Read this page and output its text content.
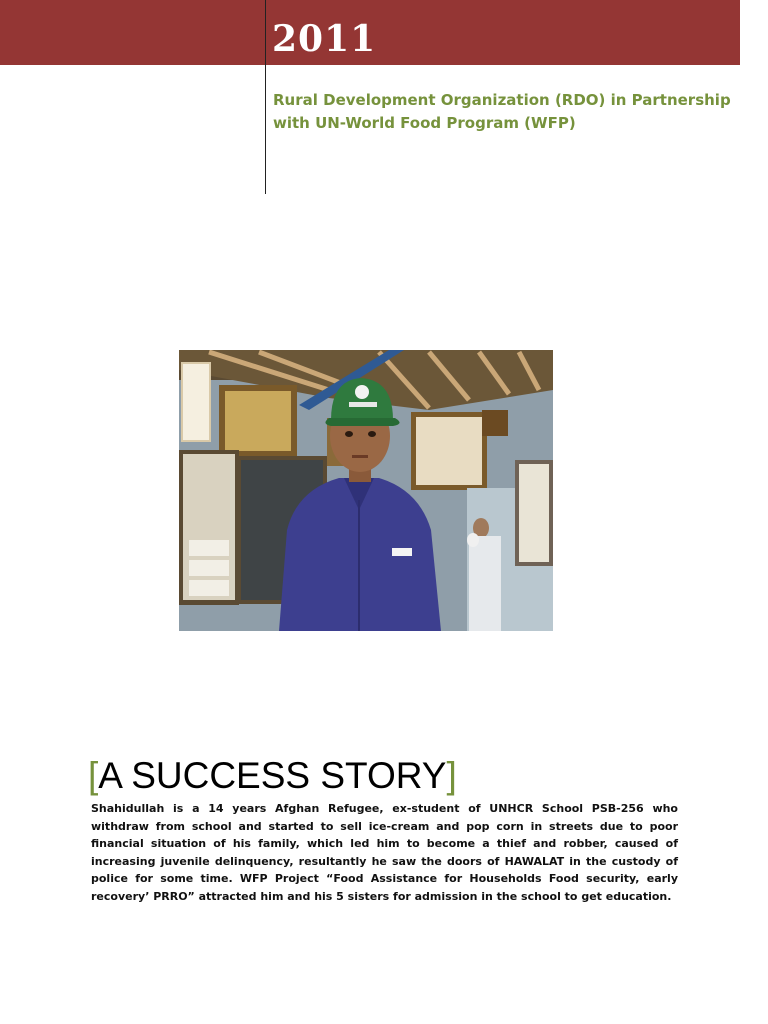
2011
Rural Development Organization (RDO) in Partnership with UN-World Food Program (WFP)
[A SUCCESS STORY]

Shahidullah is a 14 years Afghan Refugee, ex-student of UNHCR School PSB-256 who withdraw from school and started to sell ice-cream and pop corn in streets due to poor financial situation of his family, which led him to become a thief and robber, caused of increasing juvenile delinquency, resultantly he saw the doors of HAWALAT in the custody of police for some time. WFP Project “Food Assistance for Households Food security, early recovery’ PRRO” attracted him and his 5 sisters for admission in the school to get education.
